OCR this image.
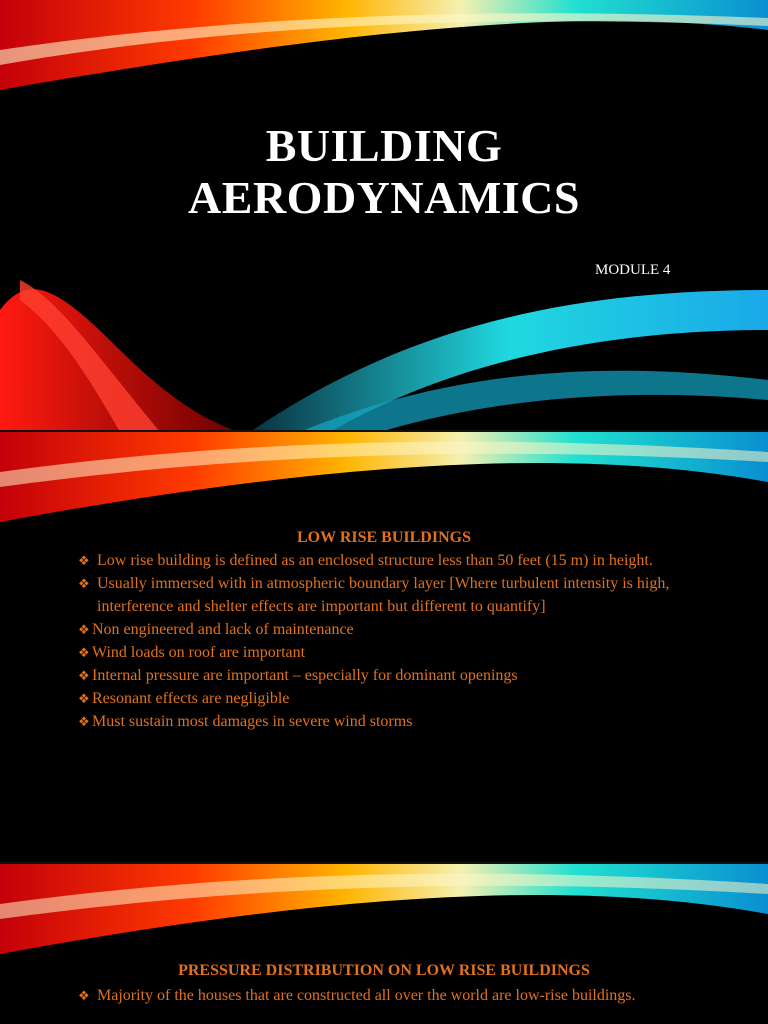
BUILDING
AERODYNAMICS
MODULE 4
LOW RISE BUILDINGS
❖ Low rise building is defined as an enclosed structure less than 50 feet (15 m) in height.
❖ Usually immersed with in atmospheric boundary layer [Where turbulent intensity is high, interference and shelter effects are important but different to quantify]
❖ Non engineered and lack of maintenance
❖ Wind loads on roof are important
❖ Internal pressure are important – especially for dominant openings
❖ Resonant effects are negligible
❖ Must sustain most damages in severe wind storms
PRESSURE DISTRIBUTION ON LOW RISE BUILDINGS
❖ Majority of the houses that are constructed all over the world are low-rise buildings.
